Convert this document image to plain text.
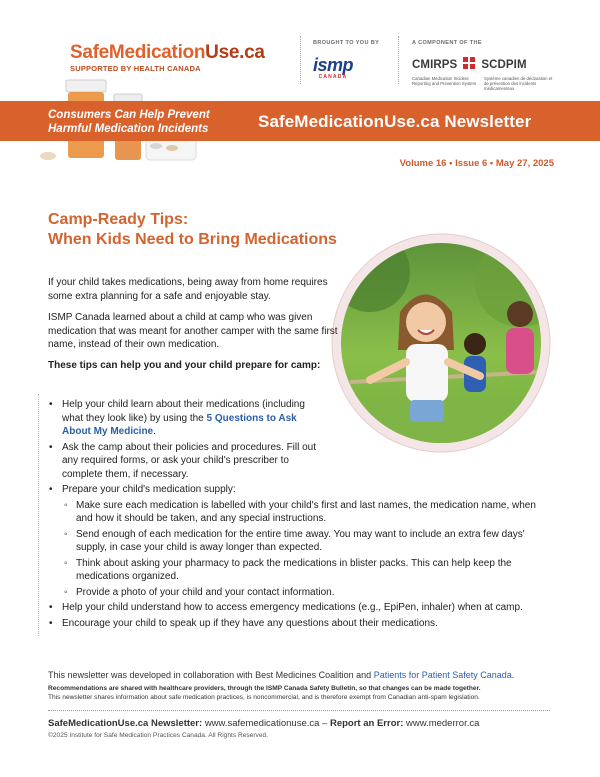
SafeMedicationUse.ca
SUPPORTED BY HEALTH CANADA
BROUGHT TO YOU BY
ismp
CANADA
A COMPONENT OF THE
CMIRPS SCDPIM
Canadian Medication Incident Reporting and Prevention System
Système canadien de déclaration et de prévention des incidents médicamenteux
Consumers Can Help Prevent
Harmful Medication Incidents	SafeMedicationUse.ca Newsletter
Volume 16 • Issue 6 • May 27, 2025
Camp-Ready Tips:
When Kids Need to Bring Medications
If your child takes medications, being away from home requires some extra planning for a safe and enjoyable stay.
ISMP Canada learned about a child at camp who was given medication that was meant for another camper with the same first name, instead of their own medication.
These tips can help you and your child prepare for camp:
• Help your child learn about their medications (including what they look like) by using the 5 Questions to Ask About My Medicine.
• Ask the camp about their policies and procedures. Fill out any required forms, or ask your child's prescriber to complete them, if necessary.
• Prepare your child's medication supply:
◦ Make sure each medication is labelled with your child's first and last names, the medication name, when and how it should be taken, and any special instructions.
◦ Send enough of each medication for the entire time away. You may want to include an extra few days' supply, in case your child is away longer than expected.
◦ Think about asking your pharmacy to pack the medications in blister packs. This can help keep the medications organized.
◦ Provide a photo of your child and your contact information.
• Help your child understand how to access emergency medications (e.g., EpiPen, inhaler) when at camp.
• Encourage your child to speak up if they have any questions about their medications.
This newsletter was developed in collaboration with Best Medicines Coalition and Patients for Patient Safety Canada.
Recommendations are shared with healthcare providers, through the ISMP Canada Safety Bulletin, so that changes can be made together.
This newsletter shares information about safe medication practices, is noncommercial, and is therefore exempt from Canadian anti-spam legislation.
SafeMedicationUse.ca Newsletter: www.safemedicationuse.ca – Report an Error: www.mederror.ca
©2025 Institute for Safe Medication Practices Canada. All Rights Reserved.
